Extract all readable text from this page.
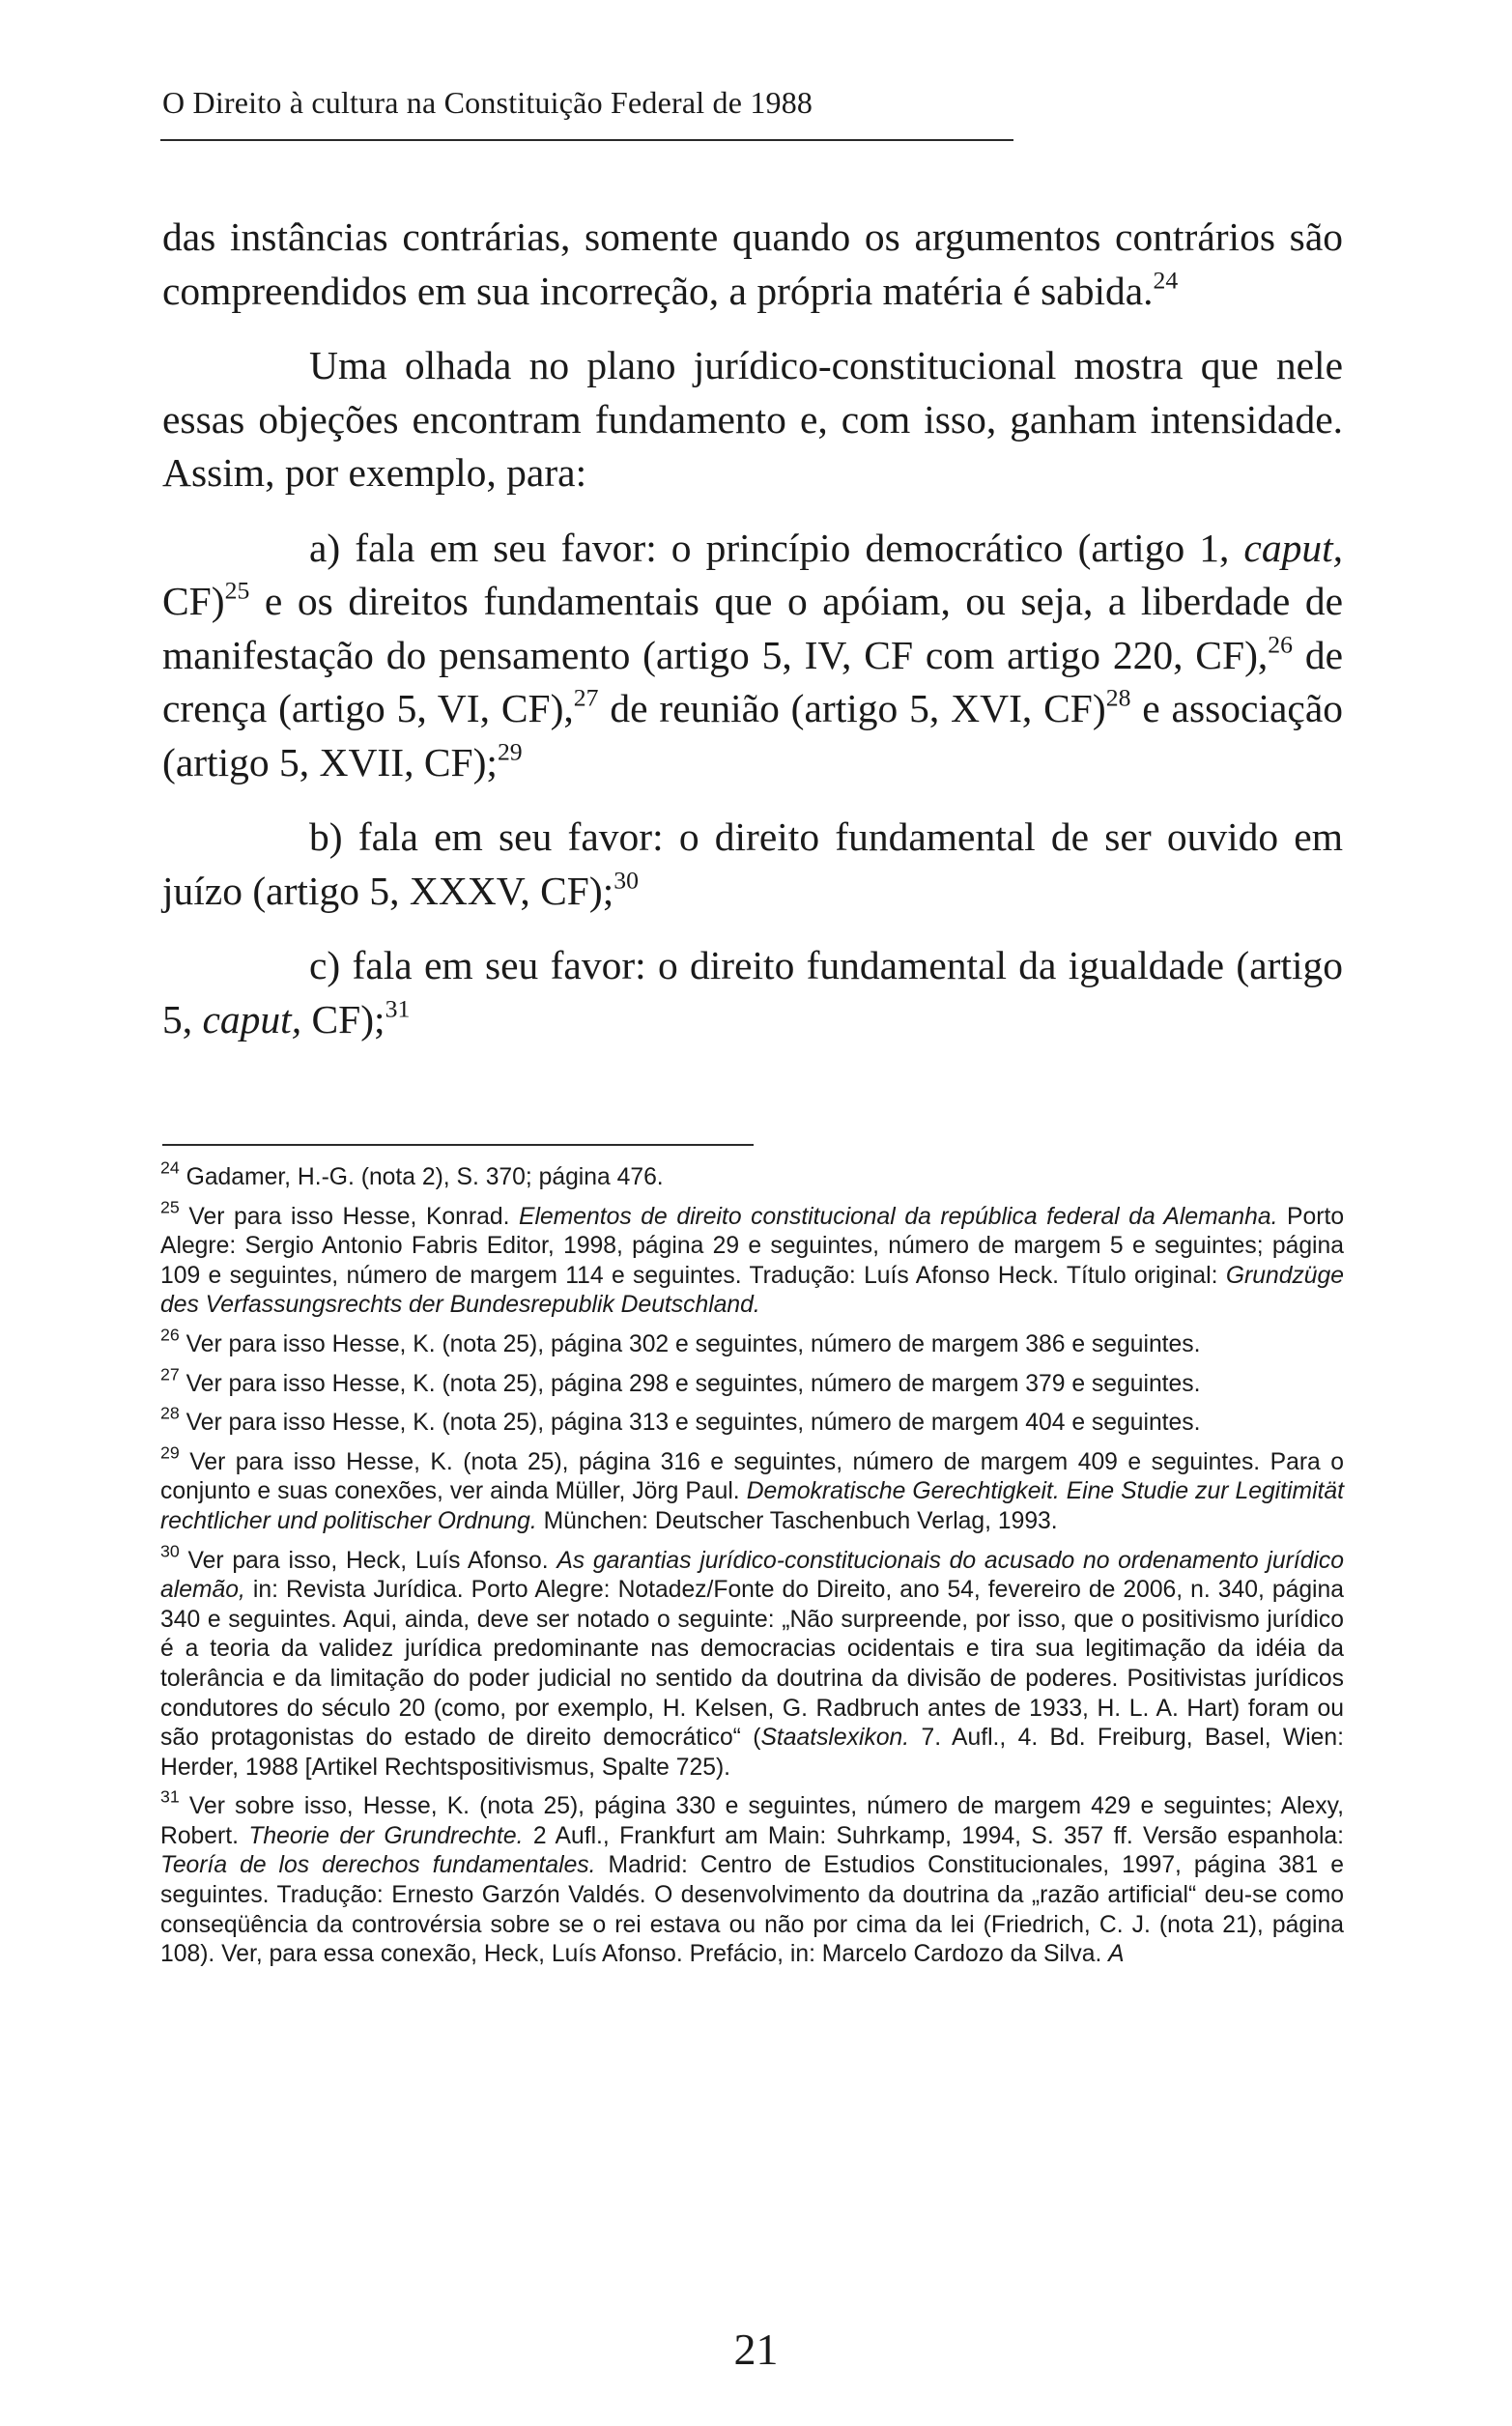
O Direito à cultura na Constituição Federal de 1988

das instâncias contrárias, somente quando os argumentos contrários são compreendidos em sua incorreção, a própria matéria é sabida.$^{24}$

Uma olhada no plano jurídico-constitucional mostra que nele essas objeções encontram fundamento e, com isso, ganham intensidade. Assim, por exemplo, para:

a) fala em seu favor: o princípio democrático (artigo 1, caput, CF)$^{25}$ e os direitos fundamentais que o apóiam, ou seja, a liberdade de manifestação do pensamento (artigo 5, IV, CF com artigo 220, CF),$^{26}$ de crença (artigo 5, VI, CF),$^{27}$ de reunião (artigo 5, XVI, CF)$^{28}$ e associação (artigo 5, XVII, CF);$^{29}$

b) fala em seu favor: o direito fundamental de ser ouvido em juízo (artigo 5, XXXV, CF);$^{30}$

c) fala em seu favor: o direito fundamental da igualdade (artigo 5, caput, CF);$^{31}$

$^{24}$ Gadamer, H.-G. (nota 2), S. 370; página 476.

$^{25}$ Ver para isso Hesse, Konrad. Elementos de direito constitucional da república federal da Alemanha. Porto Alegre: Sergio Antonio Fabris Editor, 1998, página 29 e seguintes, número de margem 5 e seguintes; página 109 e seguintes, número de margem 114 e seguintes. Tradução: Luís Afonso Heck. Título original: Grundzüge des Verfassungsrechts der Bundesrepublik Deutschland.

$^{26}$ Ver para isso Hesse, K. (nota 25), página 302 e seguintes, número de margem 386 e seguintes.

$^{27}$ Ver para isso Hesse, K. (nota 25), página 298 e seguintes, número de margem 379 e seguintes.

$^{28}$ Ver para isso Hesse, K. (nota 25), página 313 e seguintes, número de margem 404 e seguintes.

$^{29}$ Ver para isso Hesse, K. (nota 25), página 316 e seguintes, número de margem 409 e seguintes. Para o conjunto e suas conexões, ver ainda Müller, Jörg Paul. Demokratische Gerechtigkeit. Eine Studie zur Legitimität rechtlicher und politischer Ordnung. München: Deutscher Taschenbuch Verlag, 1993.

$^{30}$ Ver para isso, Heck, Luís Afonso. As garantias jurídico-constitucionais do acusado no ordenamento jurídico alemão, in: Revista Jurídica. Porto Alegre: Notadez/Fonte do Direito, ano 54, fevereiro de 2006, n. 340, página 340 e seguintes. Aqui, ainda, deve ser notado o seguinte: „Não surpreende, por isso, que o positivismo jurídico é a teoria da validez jurídica predominante nas democracias ocidentais e tira sua legitimação da idéia da tolerância e da limitação do poder judicial no sentido da doutrina da divisão de poderes. Positivistas jurídicos condutores do século 20 (como, por exemplo, H. Kelsen, G. Radbruch antes de 1933, H. L. A. Hart) foram ou são protagonistas do estado de direito democrático“ (Staatslexikon. 7. Aufl., 4. Bd. Freiburg, Basel, Wien: Herder, 1988 [Artikel Rechtspositivismus, Spalte 725).

$^{31}$ Ver sobre isso, Hesse, K. (nota 25), página 330 e seguintes, número de margem 429 e seguintes; Alexy, Robert. Theorie der Grundrechte. 2 Aufl., Frankfurt am Main: Suhrkamp, 1994, S. 357 ff. Versão espanhola: Teoría de los derechos fundamentales. Madrid: Centro de Estudios Constitucionales, 1997, página 381 e seguintes. Tradução: Ernesto Garzón Valdés. O desenvolvimento da doutrina da „razão artificial“ deu-se como conseqüência da controvérsia sobre se o rei estava ou não por cima da lei (Friedrich, C. J. (nota 21), página 108). Ver, para essa conexão, Heck, Luís Afonso. Prefácio, in: Marcelo Cardozo da Silva. A

21
